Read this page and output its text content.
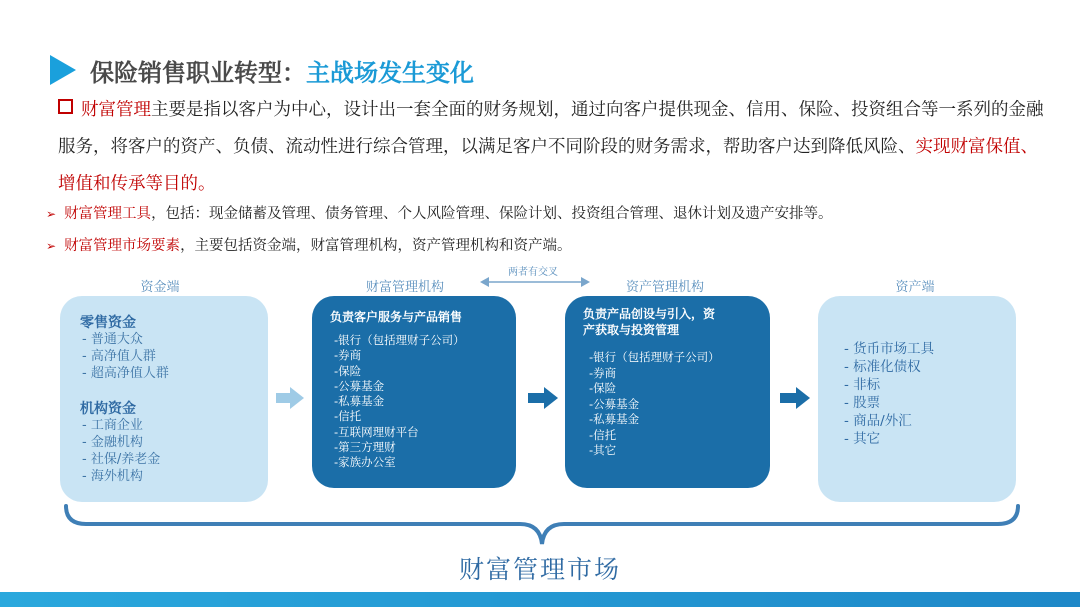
保险销售职业转型： 主战场发生变化
财富管理主要是指以客户为中心，设计出一套全面的财务规划，通过向客户提供现金、信用、保险、投资组合等一系列的金融服务，将客户的资产、负债、流动性进行综合管理，以满足客户不同阶段的财务需求，帮助客户达到降低风险、实现财富保值、增值和传承等目的。
➢ 财富管理工具，包括：现金储蓄及管理、债务管理、个人风险管理、保险计划、投资组合管理、退休计划及遗产安排等。
➢ 财富管理市场要素，主要包括资金端，财富管理机构，资产管理机构和资产端。
资金端	财富管理机构	资产管理机构	资产端
两者有交叉
零售资金
- 普通大众
- 高净值人群
- 超高净值人群
机构资金
- 工商企业
- 金融机构
- 社保/养老金
- 海外机构
负责客户服务与产品销售
-银行（包括理财子公司）
-券商
-保险
-公募基金
-私募基金
-信托
-互联网理财平台
-第三方理财
-家族办公室
负责产品创设与引入，资
产获取与投资管理
-银行（包括理财子公司）
-券商
-保险
-公募基金
-私募基金
-信托
-其它
- 货币市场工具
- 标准化债权
- 非标
- 股票
- 商品/外汇
- 其它
财富管理市场
